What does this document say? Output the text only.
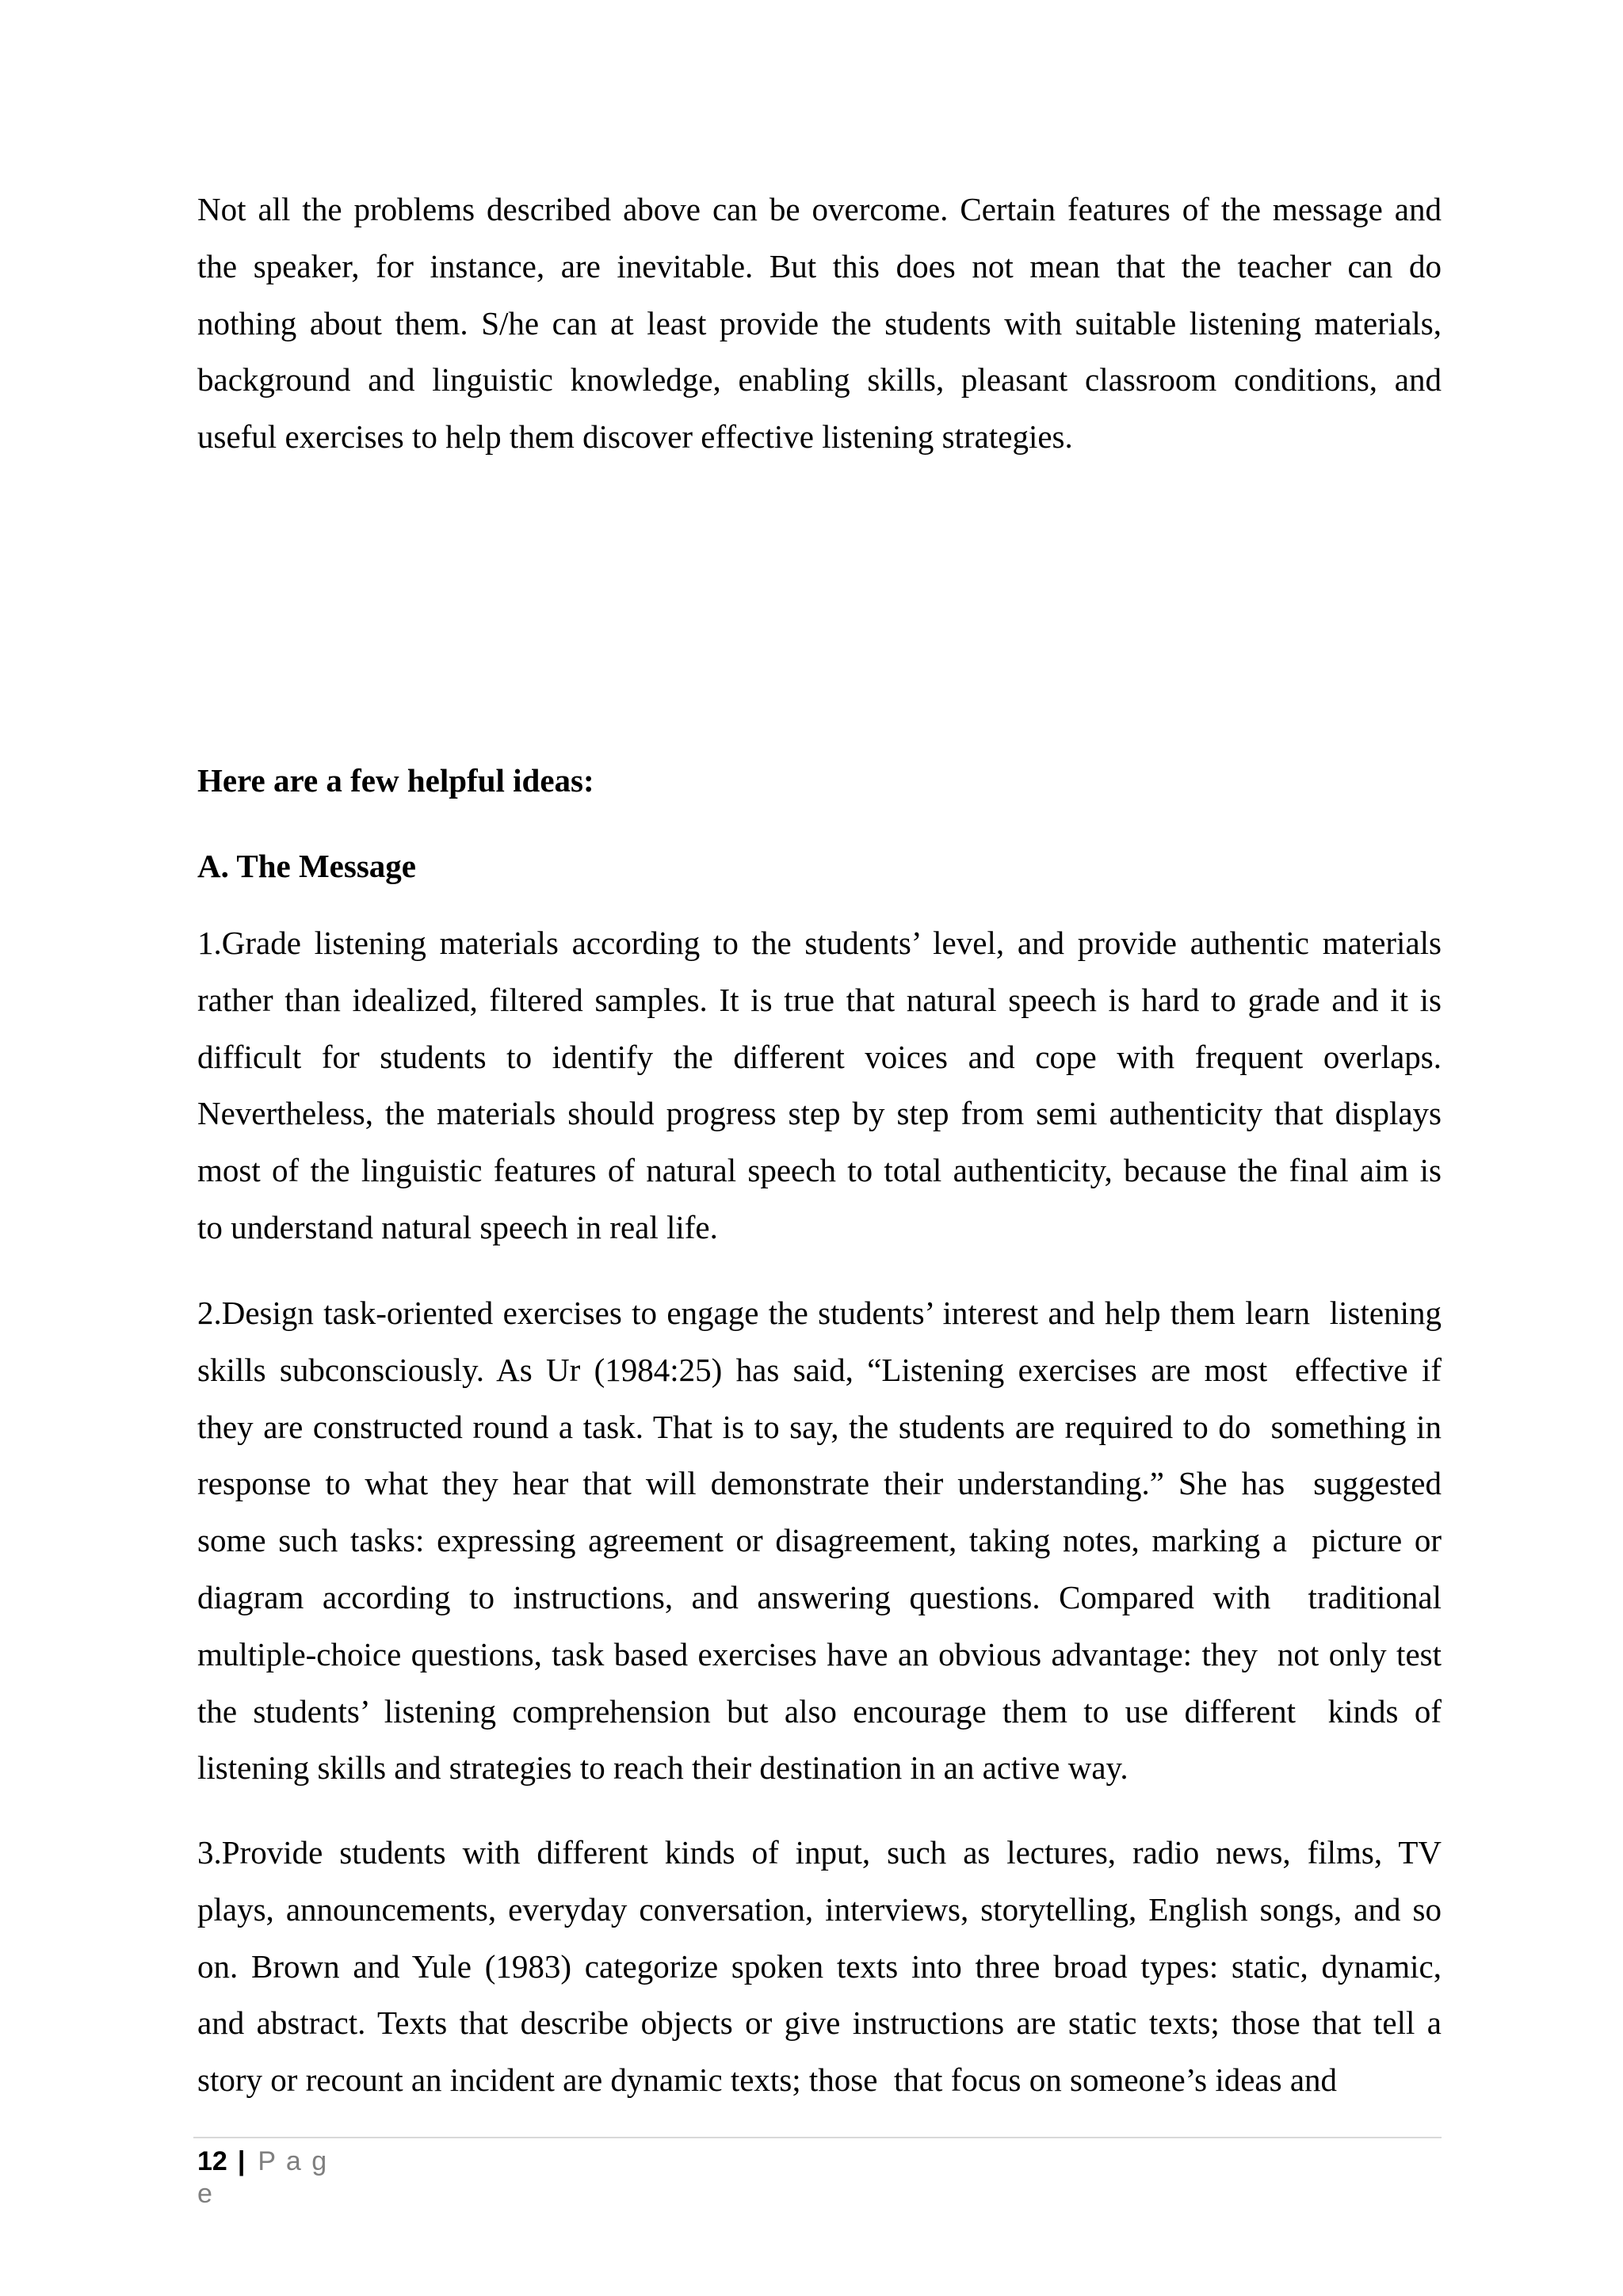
Not all the problems described above can be overcome. Certain features of the message and
the speaker, for instance, are inevitable. But this does not mean that the teacher can do
nothing about them. S/he can at least provide the students with suitable listening materials,
background and linguistic knowledge, enabling skills, pleasant classroom conditions, and
useful exercises to help them discover effective listening strategies.
Here are a few helpful ideas:
A. The Message
1.Grade listening materials according to the students’ level, and provide authentic materials
rather than idealized, filtered samples. It is true that natural speech is hard to grade and it is
difficult for students to identify the different voices and cope with frequent overlaps.
Nevertheless, the materials should progress step by step from semi authenticity that displays
most of the linguistic features of natural speech to total authenticity, because the final aim is
to understand natural speech in real life.
2.Design task-oriented exercises to engage the students’ interest and help them learn  listening
skills subconsciously. As Ur (1984:25) has said, “Listening exercises are most  effective if
they are constructed round a task. That is to say, the students are required to do  something in
response to what they hear that will demonstrate their understanding.” She has  suggested
some such tasks: expressing agreement or disagreement, taking notes, marking a  picture or
diagram according to instructions, and answering questions. Compared with  traditional
multiple-choice questions, task based exercises have an obvious advantage: they  not only test
the students’ listening comprehension but also encourage them to use different  kinds of
listening skills and strategies to reach their destination in an active way.
3.Provide students with different kinds of input, such as lectures, radio news, films, TV
plays, announcements, everyday conversation, interviews, storytelling, English songs, and so
on. Brown and Yule (1983) categorize spoken texts into three broad types: static, dynamic,
and abstract. Texts that describe objects or give instructions are static texts; those that tell a
story or recount an incident are dynamic texts; those  that focus on someone’s ideas and
12 | P a g
e
